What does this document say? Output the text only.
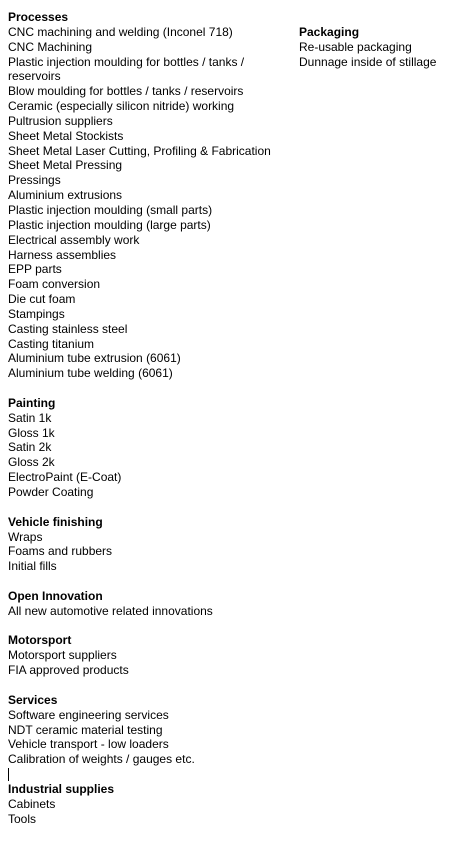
Processes
CNC machining and welding (Inconel 718)
CNC Machining
Plastic injection moulding for bottles / tanks / reservoirs
Blow moulding for bottles / tanks / reservoirs
Ceramic (especially silicon nitride) working
Pultrusion suppliers
Sheet Metal Stockists
Sheet Metal Laser Cutting, Profiling & Fabrication
Sheet Metal Pressing
Pressings
Aluminium extrusions
Plastic injection moulding (small parts)
Plastic injection moulding (large parts)
Electrical assembly work
Harness assemblies
EPP parts
Foam conversion
Die cut foam
Stampings
Casting stainless steel
Casting titanium
Aluminium tube extrusion (6061)
Aluminium tube welding (6061)
Painting
Satin 1k
Gloss 1k
Satin 2k
Gloss 2k
ElectroPaint (E-Coat)
Powder Coating
Vehicle finishing
Wraps
Foams and rubbers
Initial fills
Open Innovation
All new automotive related innovations
Motorsport
Motorsport suppliers
FIA approved products
Services
Software engineering services
NDT ceramic material testing
Vehicle transport - low loaders
Calibration of weights / gauges etc.
Industrial supplies
Cabinets
Tools
Packaging
Re-usable packaging
Dunnage inside of stillage
